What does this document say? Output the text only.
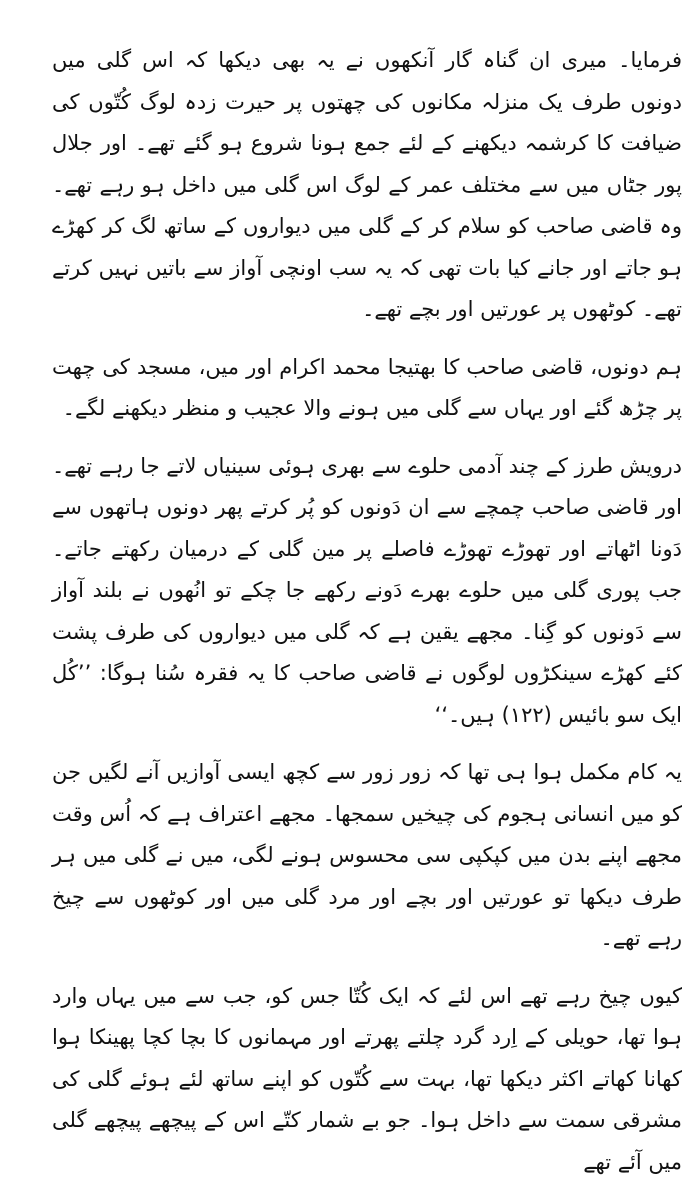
فرمایا۔ میری ان گناہ گار آنکھوں نے یہ بھی دیکھا کہ اس گلی میں دونوں طرف یک منزلہ مکانوں کی چھتوں پر حیرت زدہ لوگ کُتّوں کی ضیافت کا کرشمہ دیکھنے کے لئے جمع ہونا شروع ہو گئے تھے۔ اور جلال پور جٹاں میں سے مختلف عمر کے لوگ اس گلی میں داخل ہو رہے تھے۔ وہ قاضی صاحب کو سلام کر کے گلی میں دیواروں کے ساتھ لگ کر کھڑے ہو جاتے اور جانے کیا بات تھی کہ یہ سب اونچی آواز سے باتیں نہیں کرتے تھے۔ کوٹھوں پر عورتیں اور بچے تھے۔

ہم دونوں، قاضی صاحب کا بھتیجا محمد اکرام اور میں، مسجد کی چھت پر چڑھ گئے اور یہاں سے گلی میں ہونے والا عجیب و منظر دیکھنے لگے۔

درویش طرز کے چند آدمی حلوے سے بھری ہوئی سینیاں لاتے جا رہے تھے۔ اور قاضی صاحب چمچے سے ان دَونوں کو پُر کرتے پھر دونوں ہاتھوں سے دَونا اٹھاتے اور تھوڑے تھوڑے فاصلے پر مین گلی کے درمیان رکھتے جاتے۔ جب پوری گلی میں حلوے بھرے دَونے رکھے جا چکے تو انُھوں نے بلند آواز سے دَونوں کو گِنا۔ مجھے یقین ہے کہ گلی میں دیواروں کی طرف پشت کئے کھڑے سینکڑوں لوگوں نے قاضی صاحب کا یہ فقرہ سُنا ہوگا: ’’کُل ایک سو بائیس (۱۲۲) ہیں۔‘‘

یہ کام مکمل ہوا ہی تھا کہ زور زور سے کچھ ایسی آوازیں آنے لگیں جن کو میں انسانی ہجوم کی چیخیں سمجھا۔ مجھے اعتراف ہے کہ اُس وقت مجھے اپنے بدن میں کپکپی سی محسوس ہونے لگی، میں نے گلی میں ہر طرف دیکھا تو عورتیں اور بچے اور مرد گلی میں اور کوٹھوں سے چیخ رہے تھے۔

کیوں چیخ رہے تھے اس لئے کہ ایک کُتّا جس کو، جب سے میں یہاں وارد ہوا تھا، حویلی کے اِرد گرد چلتے پھرتے اور مہمانوں کا بچا کچا پھینکا ہوا کھانا کھاتے اکثر دیکھا تھا، بہت سے کُتّوں کو اپنے ساتھ لئے ہوئے گلی کی مشرقی سمت سے داخل ہوا۔ جو بے شمار کتّے اس کے پیچھے پیچھے گلی میں آئے تھے
